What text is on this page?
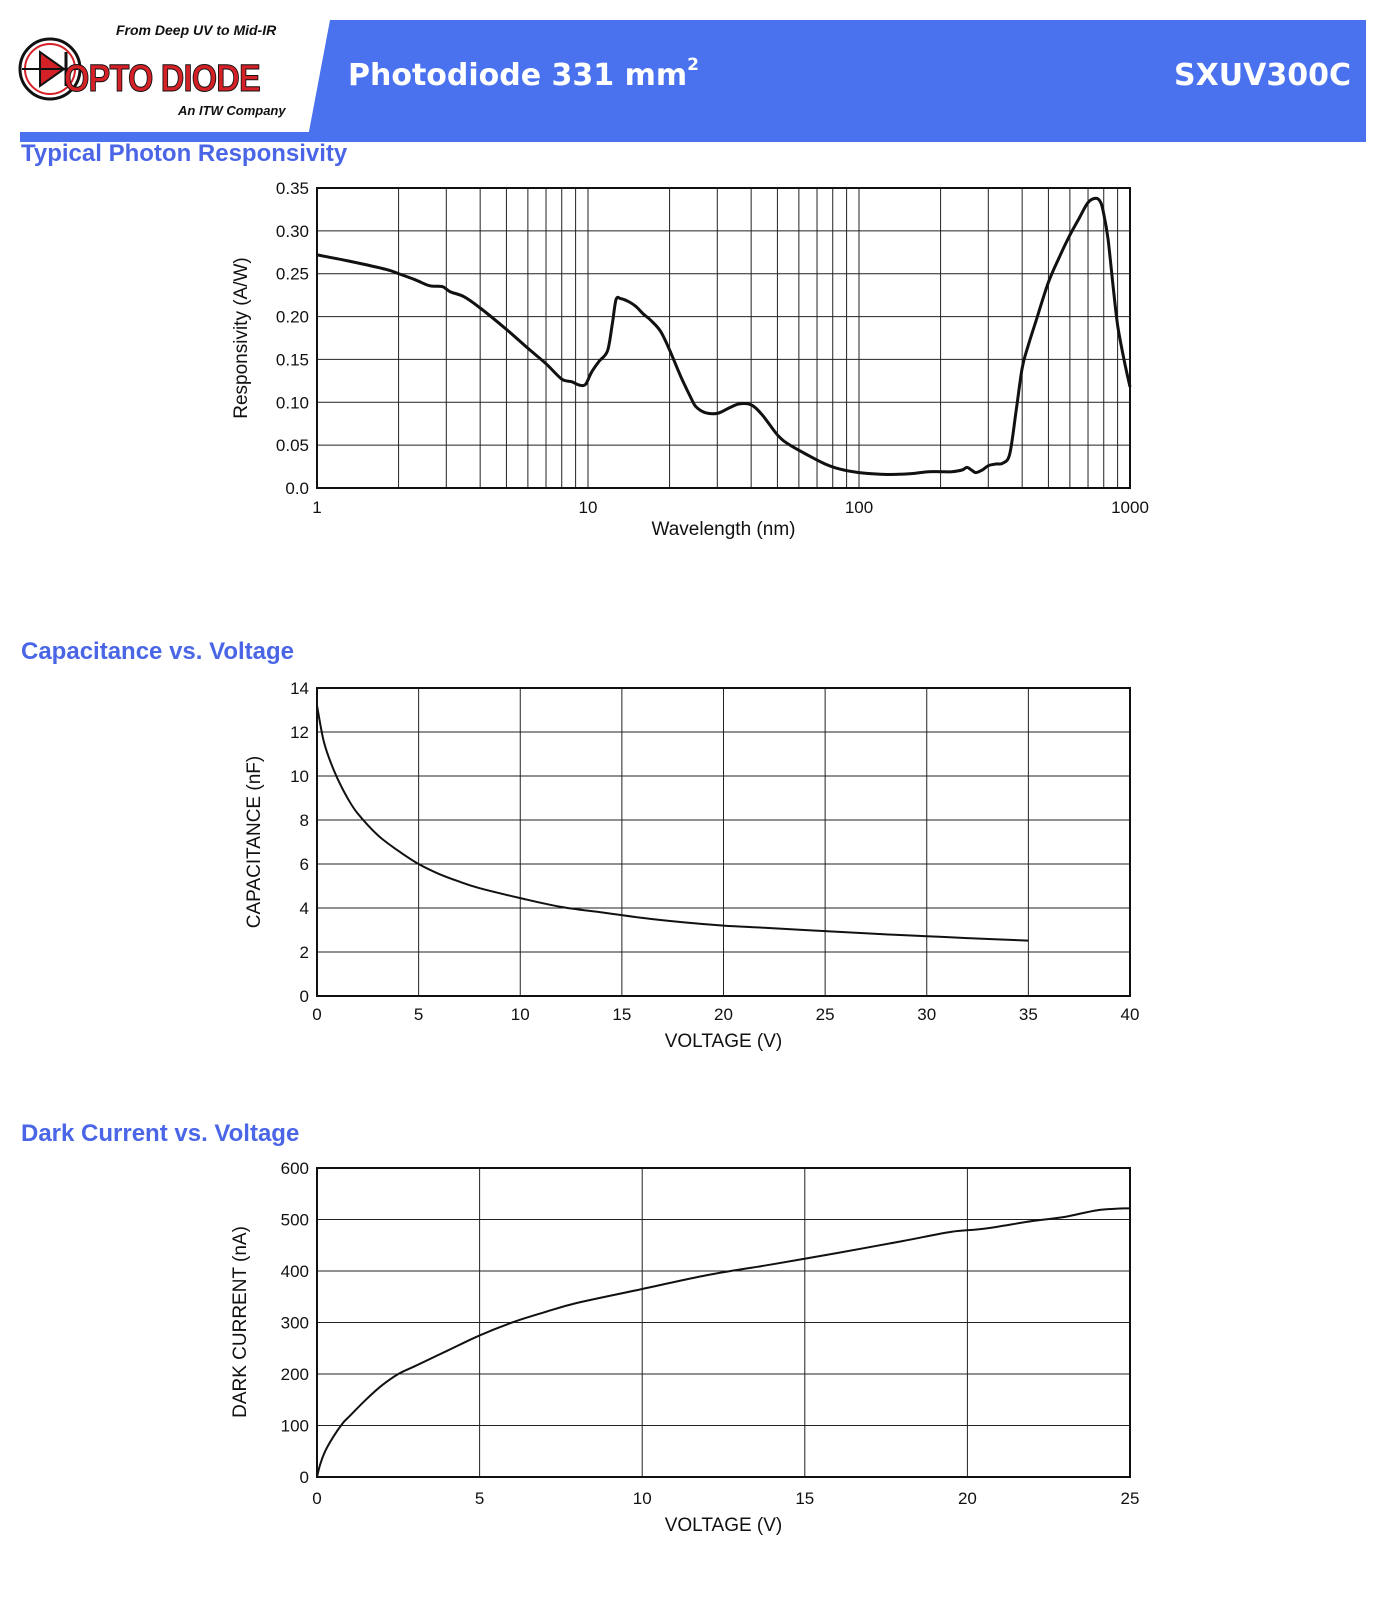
From Deep UV to Mid-IR
OPTO DIODE
An ITW Company
Photodiode 331 $mm^2$	SXUV300C
Typical Photon Responsivity
0.0
0.05
0.10
0.15
0.20
0.25
0.30
0.35
1	10	100	1000
Wavelength (nm)
Responsivity (A/W)
Capacitance vs. Voltage
0
2
4
6
8
10
12
14
0	5	10	15	20	25	30	35	40
VOLTAGE (V)
CAPACITANCE (nF)
Dark Current vs. Voltage
0
100
200
300
400
500
600
0	5	10	15	20	25
VOLTAGE (V)
DARK CURRENT (nA)
